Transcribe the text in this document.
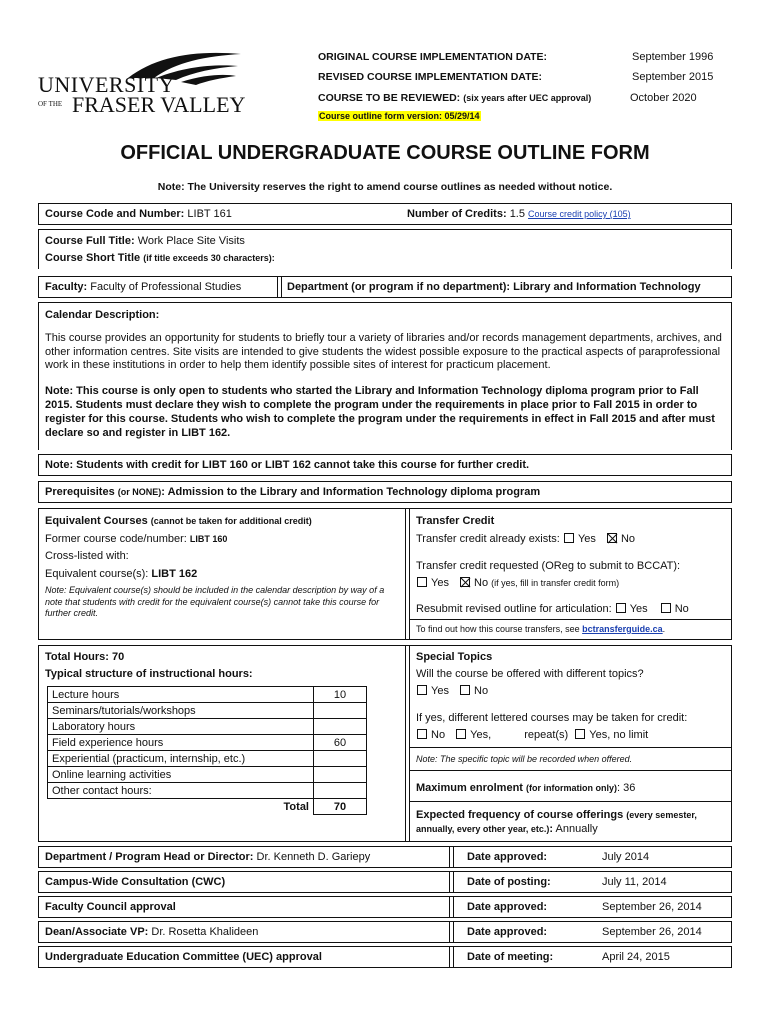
UNIVERSITY
OF THE FRASER VALLEY
ORIGINAL COURSE IMPLEMENTATION DATE:	September 1996
REVISED COURSE IMPLEMENTATION DATE:	September 2015
COURSE TO BE REVIEWED: (six years after UEC approval)	October 2020
Course outline form version: 05/29/14
OFFICIAL UNDERGRADUATE COURSE OUTLINE FORM
Note: The University reserves the right to amend course outlines as needed without notice.
Course Code and Number: LIBT 161	Number of Credits: 1.5 Course credit policy (105)
Course Full Title: Work Place Site Visits
Course Short Title (if title exceeds 30 characters):
Faculty: Faculty of Professional Studies	Department (or program if no department): Library and Information Technology
Calendar Description:
This course provides an opportunity for students to briefly tour a variety of libraries and/or records management departments, archives, and other information centres. Site visits are intended to give students the widest possible exposure to the practical aspects of paraprofessional work in these institutions in order to help them identify possible sites of interest for practicum placement.
Note: This course is only open to students who started the Library and Information Technology diploma program prior to Fall 2015. Students must declare they wish to complete the program under the requirements in place prior to Fall 2015 in order to register for this course. Students who wish to complete the program under the requirements in effect in Fall 2015 and after must declare so and register in LIBT 162.
Note: Students with credit for LIBT 160 or LIBT 162 cannot take this course for further credit.
Prerequisites (or NONE): Admission to the Library and Information Technology diploma program
Equivalent Courses (cannot be taken for additional credit)
Former course code/number: LIBT 160
Cross-listed with:
Equivalent course(s): LIBT 162
Note: Equivalent course(s) should be included in the calendar description by way of a note that students with credit for the equivalent course(s) cannot take this course for further credit.
Transfer Credit
Transfer credit already exists: Yes No
Transfer credit requested (OReg to submit to BCCAT):
Yes No (if yes, fill in transfer credit form)
Resubmit revised outline for articulation: Yes No
To find out how this course transfers, see bctransferguide.ca.
Total Hours: 70
Typical structure of instructional hours:
Lecture hours	10
Seminars/tutorials/workshops	
Laboratory hours	
Field experience hours	60
Experiential (practicum, internship, etc.)	
Online learning activities	
Other contact hours:	
Total	70
Special Topics
Will the course be offered with different topics?
Yes No
If yes, different lettered courses may be taken for credit:
No Yes,	repeat(s) Yes, no limit
Note: The specific topic will be recorded when offered.
Maximum enrolment (for information only): 36
Expected frequency of course offerings (every semester, annually, every other year, etc.): Annually
Department / Program Head or Director: Dr. Kenneth D. Gariepy	Date approved:	July 2014
Campus-Wide Consultation (CWC)	Date of posting:	July 11, 2014
Faculty Council approval	Date approved:	September 26, 2014
Dean/Associate VP: Dr. Rosetta Khalideen	Date approved:	September 26, 2014
Undergraduate Education Committee (UEC) approval	Date of meeting:	April 24, 2015
